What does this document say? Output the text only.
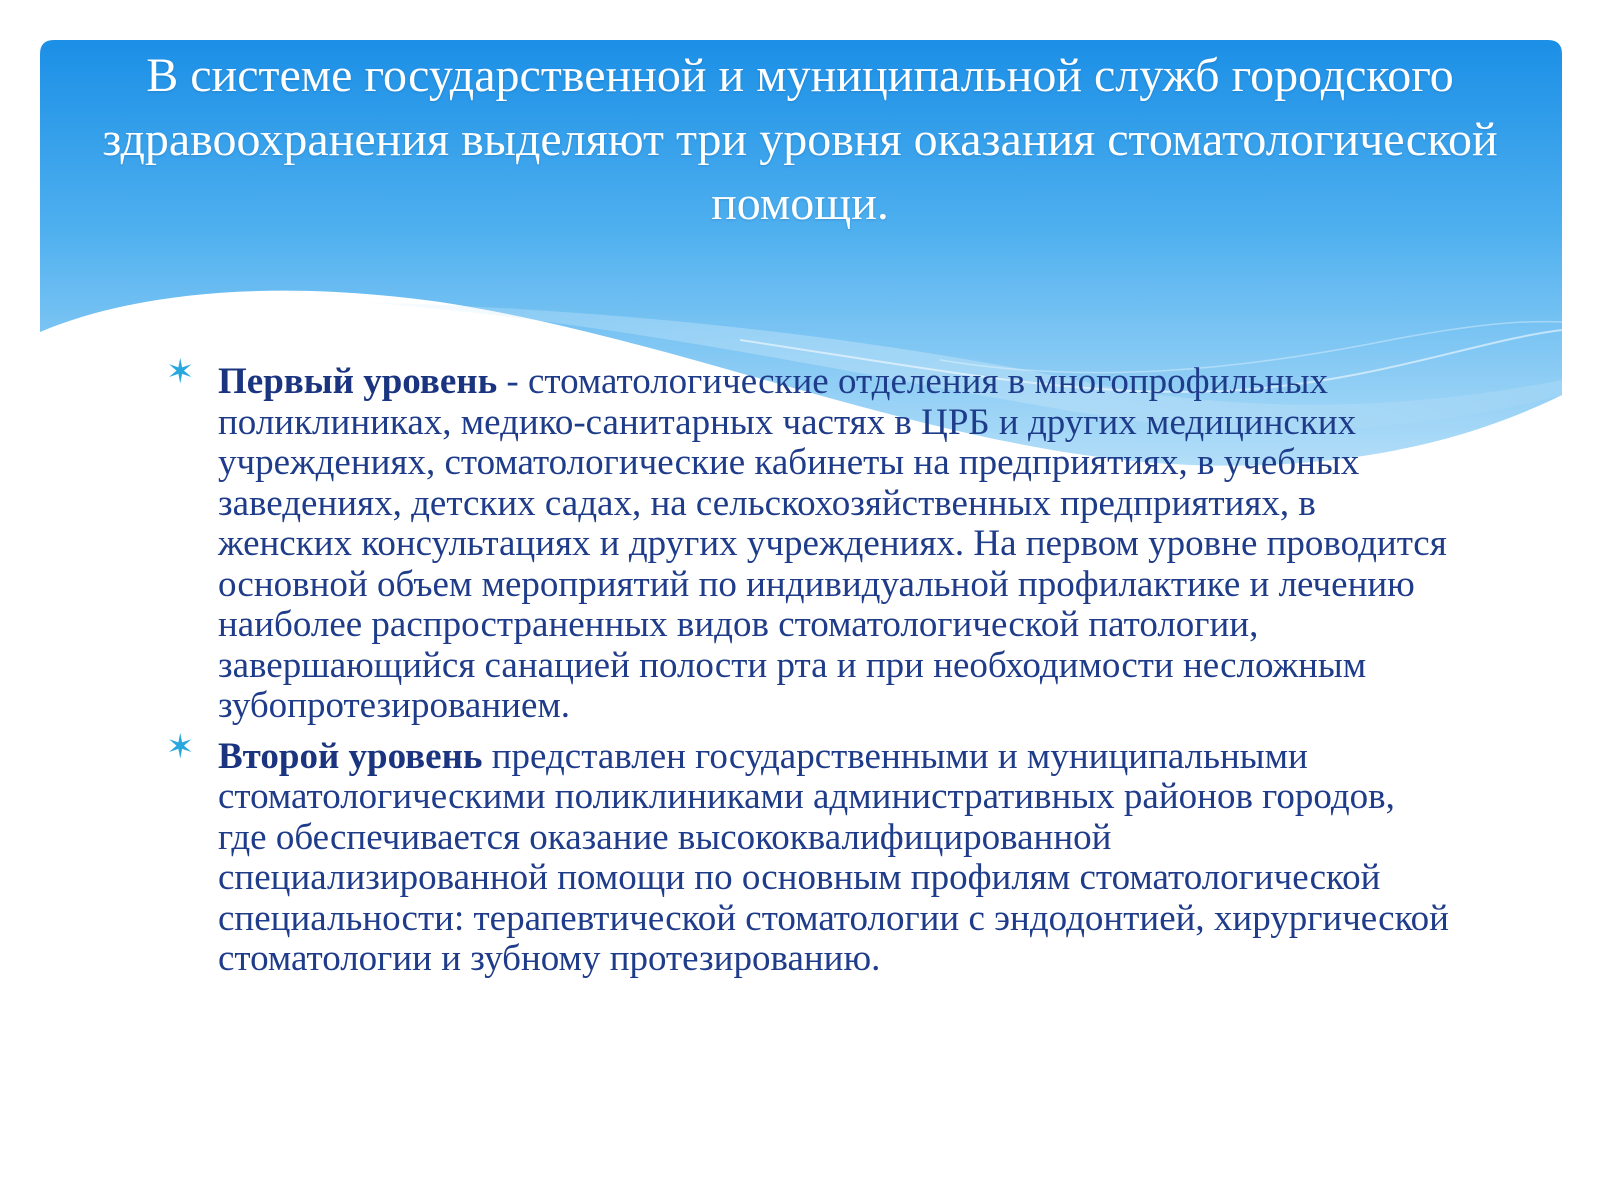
В системе государственной и муниципальной служб городского здравоохранения выделяют три уровня оказания стоматологической помощи.
✶ Первый уровень - стоматологические отделения в многопрофильных поликлиниках, медико-санитарных частях в ЦРБ и других медицинских учреждениях, стоматологические кабинеты на предприятиях, в учебных заведениях, детских садах, на сельскохозяйственных предприятиях, в женских консультациях и других учреждениях. На первом уровне проводится основной объем мероприятий по индивидуальной профилактике и лечению наиболее распространенных видов стоматологической патологии, завершающийся санацией полости рта и при необходимости несложным зубопротезированием.
✶ Второй уровень представлен государственными и муниципальными стоматологическими поликлиниками административных районов городов, где обеспечивается оказание высококвалифицированной специализированной помощи по основным профилям стоматологической специальности: терапевтической стоматологии с эндодонтией, хирургической стоматологии и зубному протезированию.
